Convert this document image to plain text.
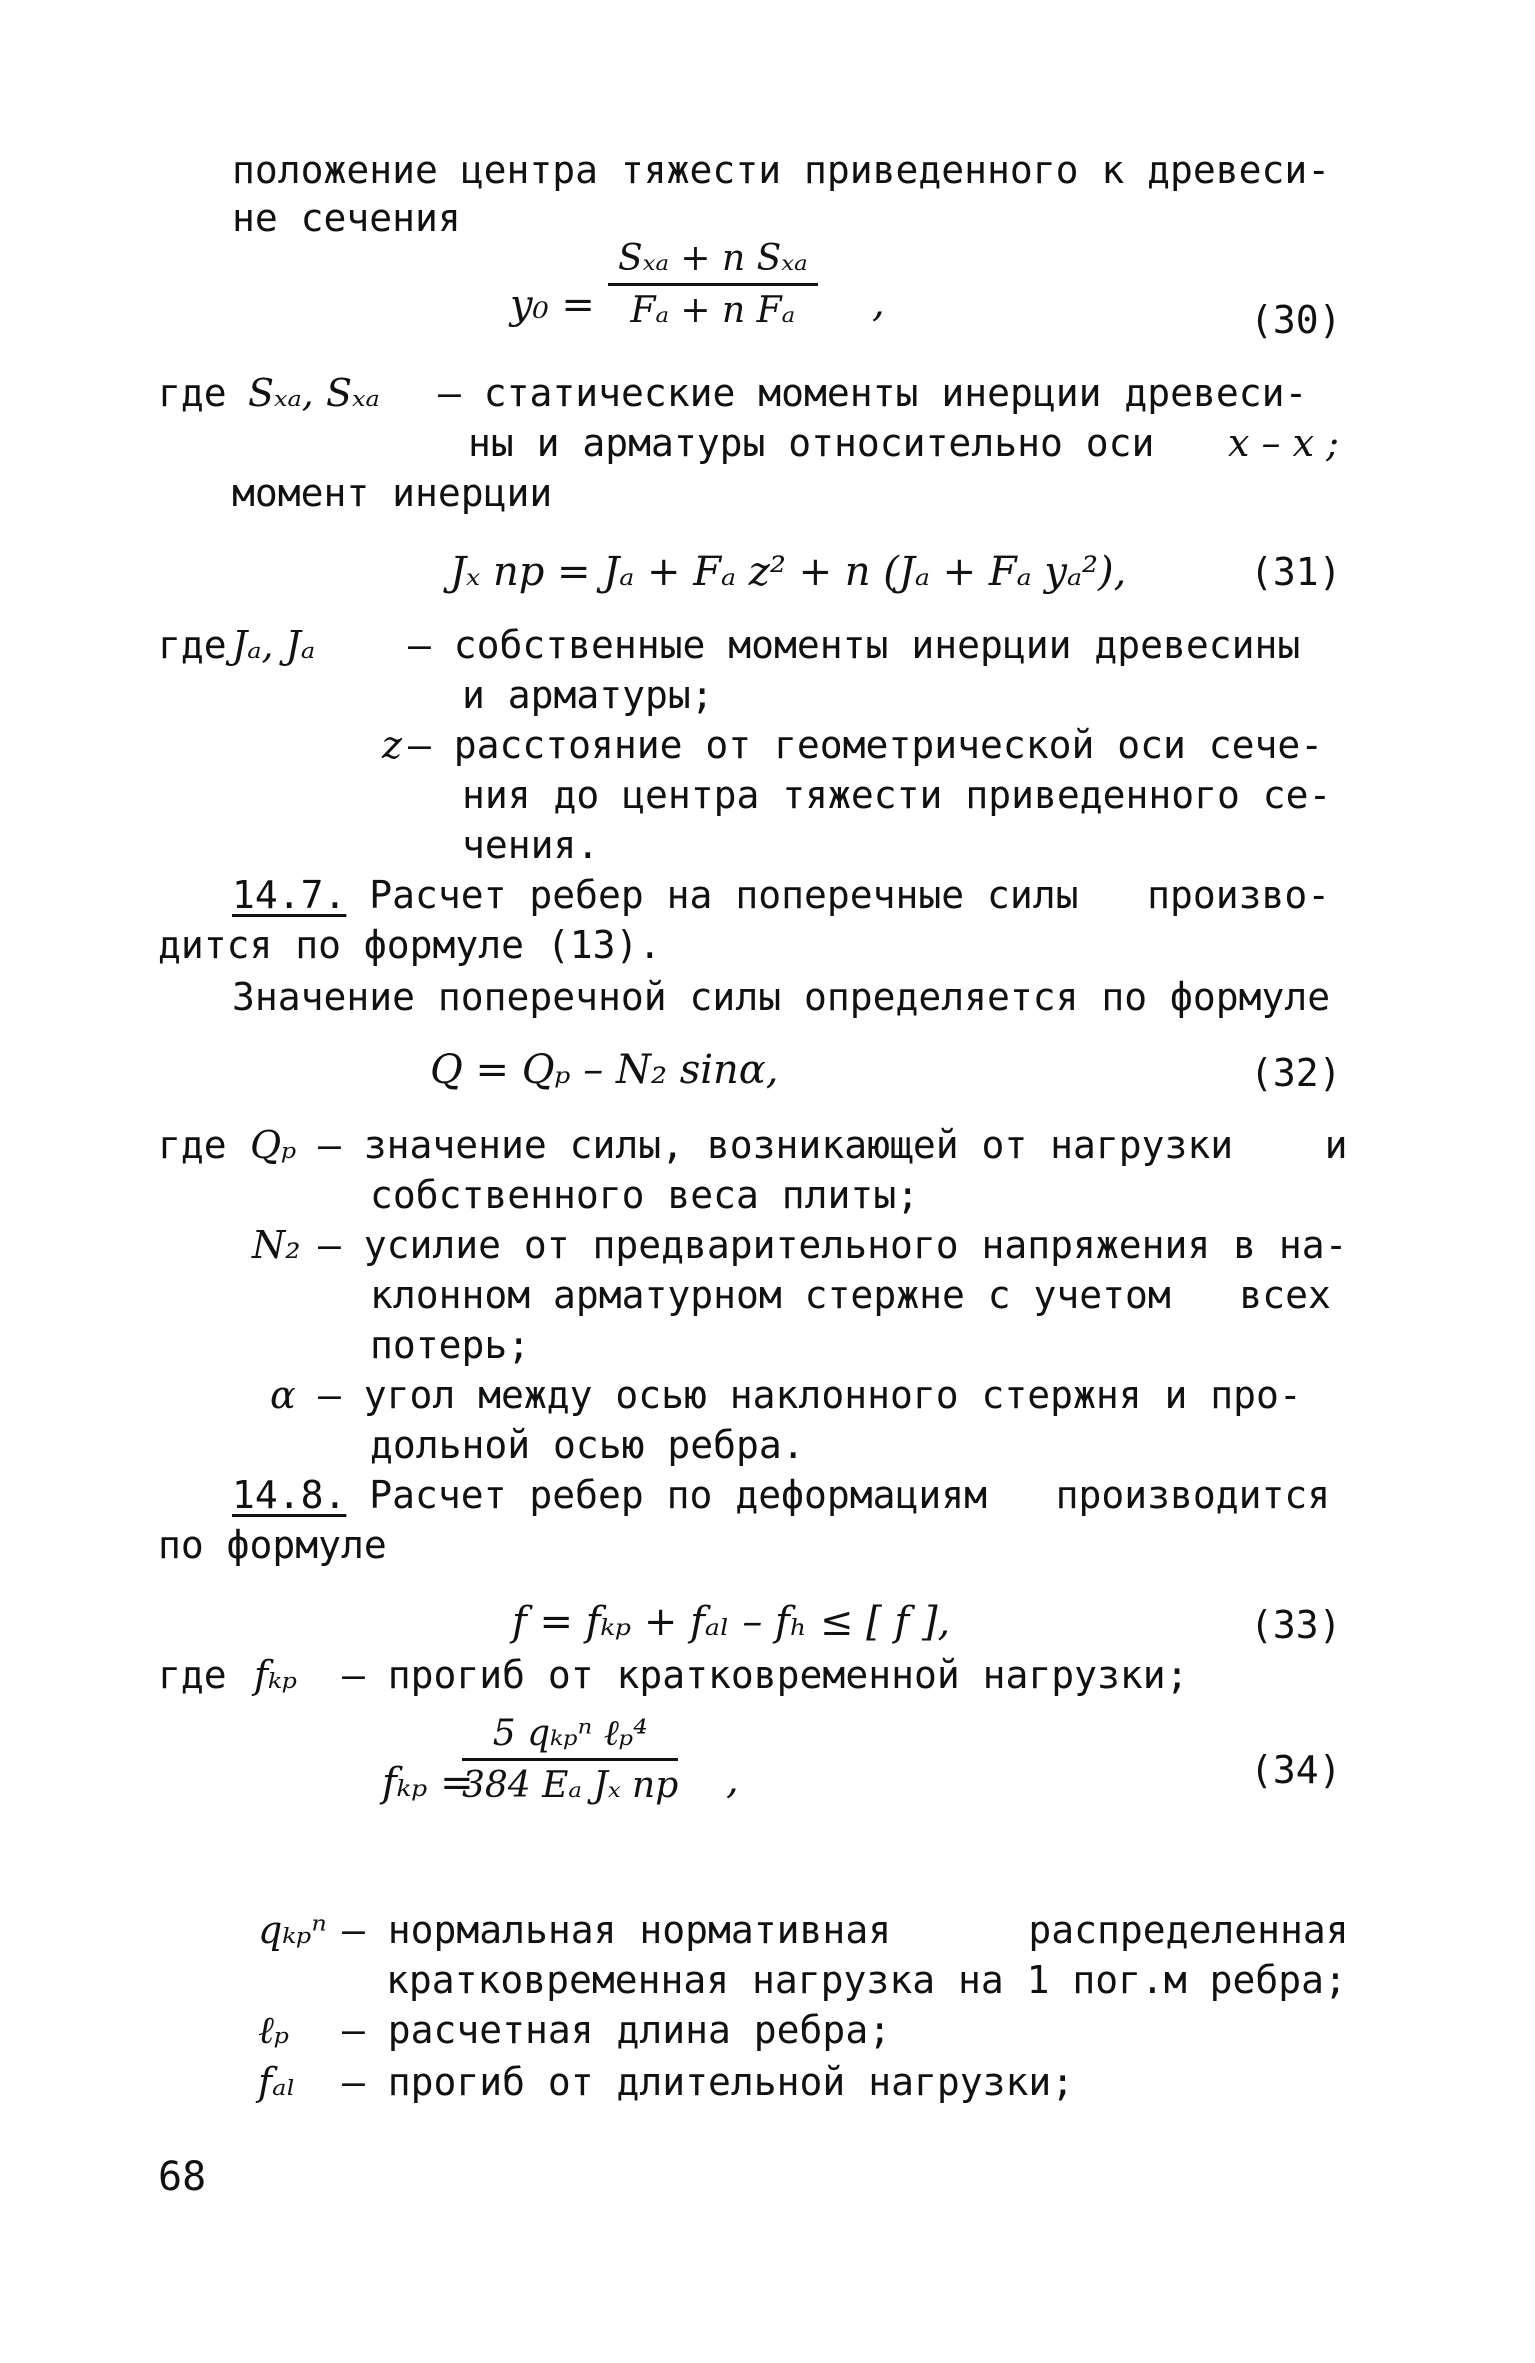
положение центра тяжести приведенного к древеси-
не сечения
y₀ =
Sₓₐ + n Sₓₐ
Fₐ + n Fₐ	,	(30)
где Sₓₐ, Sₓₐ – статические моменты инерции древеси-
ны и арматуры относительно оси x – x ;
момент инерции
Jₓ пр = Jₐ + Fₐ z² + n (Jₐ + Fₐ yₐ²),	(31)
где Jₐ, Jₐ – собственные моменты инерции древесины
и арматуры;
z – расстояние от геометрической оси сече-
ния до центра тяжести приведенного се-
чения.
14.7. Расчет ребер на поперечные силы   произво-
дится по формуле (13).
Значение поперечной силы определяется по формуле
Q = Qₚ – N₂ sinα,	(32)
где Qₚ – значение силы, возникающей от нагрузки    и
собственного веса плиты;
N₂ – усилие от предварительного напряжения в на-
клонном арматурном стержне с учетом   всех
потерь;
α – угол между осью наклонного стержня и про-
дольной осью ребра.
14.8. Расчет ребер по деформациям   производится
по формуле
f = fₖₚ + fₐₗ – fₕ ≤ [ f ],	(33)
где fₖₚ – прогиб от кратковременной нагрузки;
fₖₚ =
5 qₖₚⁿ ℓₚ⁴
384 Eₐ Jₓ пр ,	(34)
qₖₚⁿ – нормальная нормативная      распределенная
кратковременная нагрузка на 1 пог.м ребра;
ℓₚ – расчетная длина ребра;
fₐₗ – прогиб от длительной нагрузки;
68
